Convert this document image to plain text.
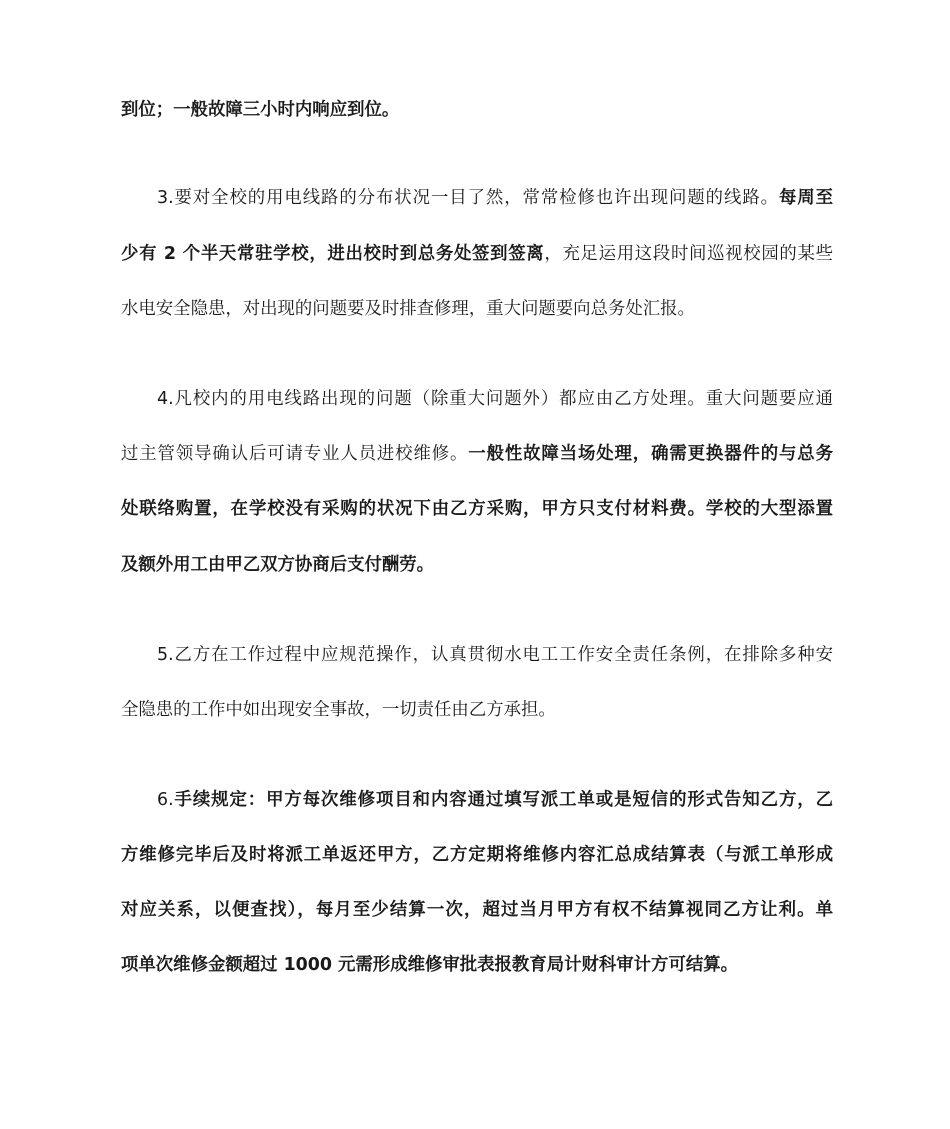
到位；一般故障三小时内响应到位。
3.要对全校的用电线路的分布状况一目了然，常常检修也许出现问题的线路。每周至
少有 2 个半天常驻学校，进出校时到总务处签到签离，充足运用这段时间巡视校园的某些
水电安全隐患，对出现的问题要及时排查修理，重大问题要向总务处汇报。
4.凡校内的用电线路出现的问题（除重大问题外）都应由乙方处理。重大问题要应通
过主管领导确认后可请专业人员进校维修。一般性故障当场处理，确需更换器件的与总务
处联络购置，在学校没有采购的状况下由乙方采购，甲方只支付材料费。学校的大型添置
及额外用工由甲乙双方协商后支付酬劳。
5.乙方在工作过程中应规范操作，认真贯彻水电工工作安全责任条例，在排除多种安
全隐患的工作中如出现安全事故，一切责任由乙方承担。
6.手续规定：甲方每次维修项目和内容通过填写派工单或是短信的形式告知乙方，乙
方维修完毕后及时将派工单返还甲方，乙方定期将维修内容汇总成结算表（与派工单形成
对应关系，以便查找），每月至少结算一次，超过当月甲方有权不结算视同乙方让利。单
项单次维修金额超过 1000 元需形成维修审批表报教育局计财科审计方可结算。
